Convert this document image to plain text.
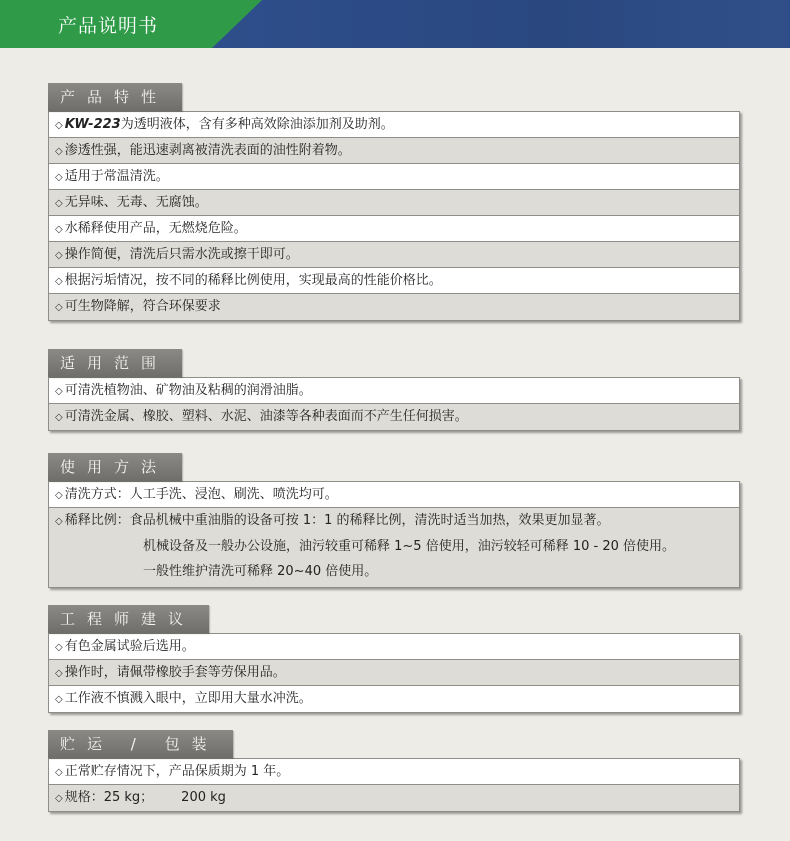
产品说明书
产品特性
◇ KW-223为透明液体，含有多种高效除油添加剂及助剂。
◇ 渗透性强，能迅速剥离被清洗表面的油性附着物。
◇ 适用于常温清洗。
◇ 无异味、无毒、无腐蚀。
◇ 水稀释使用产品，无燃烧危险。
◇ 操作简便，清洗后只需水洗或擦干即可。
◇ 根据污垢情况，按不同的稀释比例使用，实现最高的性能价格比。
◇ 可生物降解，符合环保要求
适用范围
◇ 可清洗植物油、矿物油及粘稠的润滑油脂。
◇ 可清洗金属、橡胶、塑料、水泥、油漆等各种表面而不产生任何损害。
使用方法
◇ 清洗方式：人工手洗、浸泡、刷洗、喷洗均可。
◇ 稀释比例：食品机械中重油脂的设备可按 1：1 的稀释比例，清洗时适当加热，效果更加显著。
机械设备及一般办公设施，油污较重可稀释 1~5 倍使用，油污较轻可稀释 10 - 20 倍使用。
一般性维护清洗可稀释 20~40 倍使用。
工程师建议
◇ 有色金属试验后选用。
◇ 操作时，请佩带橡胶手套等劳保用品。
◇ 工作液不慎溅入眼中，立即用大量水冲洗。
贮运 / 包装
◇ 正常贮存情况下，产品保质期为 1 年。
◇ 规格：25 kg； 200 kg
